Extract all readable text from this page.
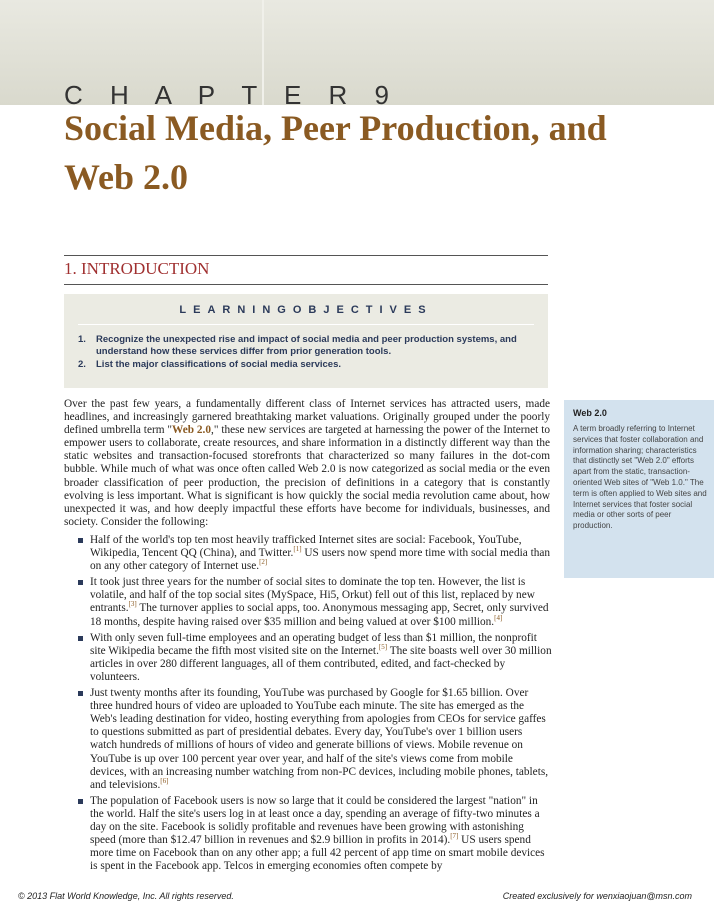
C H A P T E R 9
Social Media, Peer Production, and Web 2.0
1. INTRODUCTION
LEARNINGOBJECTIVES
1. Recognize the unexpected rise and impact of social media and peer production systems, and understand how these services differ from prior generation tools.
2. List the major classifications of social media services.

Over the past few years, a fundamentally different class of Internet services has attracted users, made headlines, and increasingly garnered breathtaking market valuations. Originally grouped under the poorly defined umbrella term "Web 2.0," these new services are targeted at harnessing the power of the Internet to empower users to collaborate, create resources, and share information in a distinctly different way than the static websites and transaction-focused storefronts that characterized so many failures in the dot-com bubble. While much of what was once often called Web 2.0 is now categorized as social media or the even broader classification of peer production, the precision of definitions in a category that is constantly evolving is less important. What is significant is how quickly the social media revolution came about, how unexpected it was, and how deeply impactful these efforts have become for individuals, businesses, and society. Consider the following:

Half of the world's top ten most heavily trafficked Internet sites are social: Facebook, YouTube, Wikipedia, Tencent QQ (China), and Twitter.[1] US users now spend more time with social media than on any other category of Internet use.[2]
It took just three years for the number of social sites to dominate the top ten. However, the list is volatile, and half of the top social sites (MySpace, Hi5, Orkut) fell out of this list, replaced by new entrants.[3] The turnover applies to social apps, too. Anonymous messaging app, Secret, only survived 18 months, despite having raised over $35 million and being valued at over $100 million.[4]
With only seven full-time employees and an operating budget of less than $1 million, the nonprofit site Wikipedia became the fifth most visited site on the Internet.[5] The site boasts well over 30 million articles in over 280 different languages, all of them contributed, edited, and fact-checked by volunteers.
Just twenty months after its founding, YouTube was purchased by Google for $1.65 billion. Over three hundred hours of video are uploaded to YouTube each minute. The site has emerged as the Web's leading destination for video, hosting everything from apologies from CEOs for service gaffes to questions submitted as part of presidential debates. Every day, YouTube's over 1 billion users watch hundreds of millions of hours of video and generate billions of views. Mobile revenue on YouTube is up over 100 percent year over year, and half of the site's views come from mobile devices, with an increasing number watching from non-PC devices, including mobile phones, tablets, and televisions.[6]
The population of Facebook users is now so large that it could be considered the largest "nation" in the world. Half the site's users log in at least once a day, spending an average of fifty-two minutes a day on the site. Facebook is solidly profitable and revenues have been growing with astonishing speed (more than $12.47 billion in revenues and $2.9 billion in profits in 2014).[7] US users spend more time on Facebook than on any other app; a full 42 percent of app time on smart mobile devices is spent in the Facebook app. Telcos in emerging economies often compete by
Web 2.0

A term broadly referring to Internet services that foster collaboration and information sharing; characteristics that distinctly set "Web 2.0" efforts apart from the static, transaction-oriented Web sites of "Web 1.0." The term is often applied to Web sites and Internet services that foster social media or other sorts of peer production.

© 2013 Flat World Knowledge, Inc. All rights reserved.	Created exclusively for wenxiaojuan@msn.com
